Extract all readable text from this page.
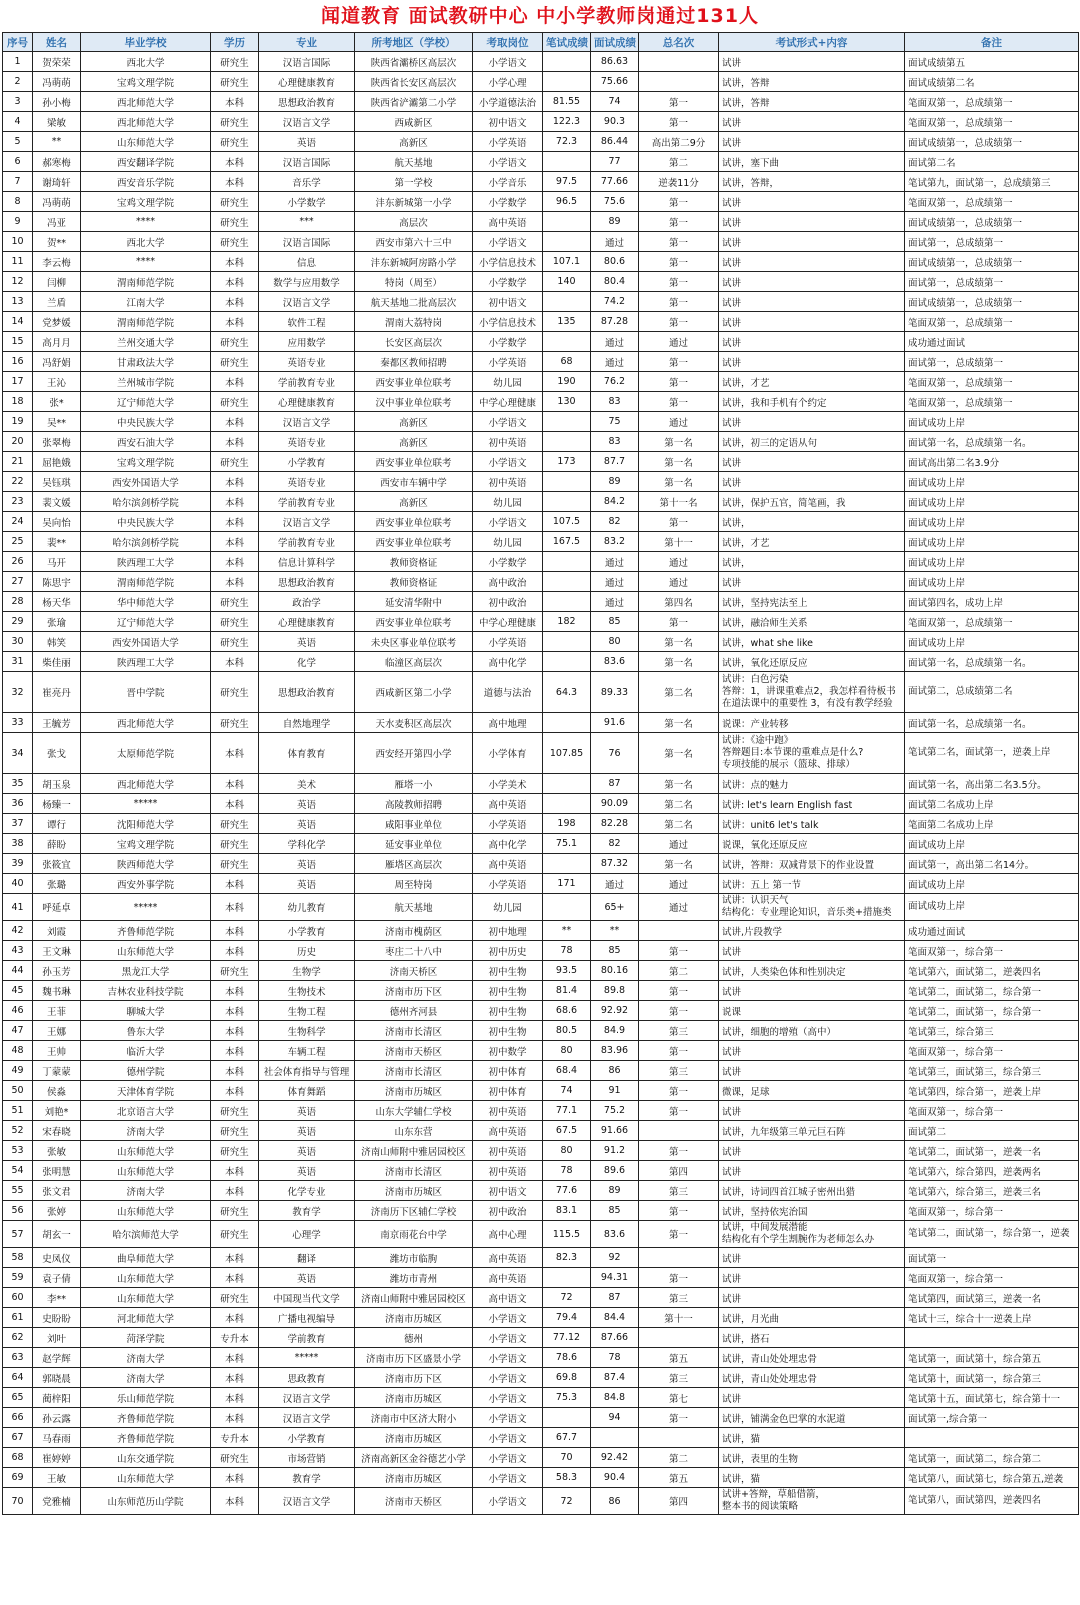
闻道教育 面试教研中心 中小学教师岗通过131人
序号	姓名	毕业学校	学历	专业	所考地区（学校）	考取岗位	笔试成绩	面试成绩	总名次	考试形式+内容	备注
1	贺荣荣	西北大学	研究生	汉语言国际	陕西省灞桥区高层次	小学语文		86.63		试讲	面试成绩第五
2	冯萌萌	宝鸡文理学院	研究生	心理健康教育	陕西省长安区高层次	小学心理		75.66		试讲，答辩	面试成绩第二名
3	孙小梅	西北师范大学	本科	思想政治教育	陕西省浐灞第二小学	小学道德法治	81.55	74	第一	试讲，答辩	笔面双第一，总成绩第一
4	梁敏	西北师范大学	研究生	汉语言文学	西咸新区	初中语文	122.3	90.3	第一	试讲	笔面双第一，总成绩第一
5	**	山东师范大学	研究生	英语	高新区	小学英语	72.3	86.44	高出第二9分	试讲	面试成绩第一，总成绩第一
6	郝寒梅	西安翻译学院	本科	汉语言国际	航天基地	小学语文		77	第二	试讲，塞下曲	面试第二名
7	谢琦轩	西安音乐学院	本科	音乐学	第一学校	小学音乐	97.5	77.66	逆袭11分	试讲，答辩，	笔试第九，面试第一，总成绩第三
8	冯萌萌	宝鸡文理学院	研究生	小学数学	沣东新城第一小学	小学数学	96.5	75.6	第一	试讲	笔面双第一，总成绩第一
9	冯亚	****	研究生	***	高层次	高中英语		89	第一	试讲	面试成绩第一，总成绩第一
10	贺**	西北大学	研究生	汉语言国际	西安市第六十三中	小学语文		通过	第一	试讲	面试第一，总成绩第一
11	李云梅	****	本科	信息	沣东新城阿房路小学	小学信息技术	107.1	80.6	第一	试讲	面试成绩第一，总成绩第一
12	闫柳	渭南师范学院	本科	数学与应用数学	特岗（周至）	小学数学	140	80.4	第一	试讲	面试第一，总成绩第一
13	兰盾	江南大学	本科	汉语言文学	航天基地二批高层次	初中语文		74.2	第一	试讲	面试成绩第一，总成绩第一
14	党梦媛	渭南师范学院	本科	软件工程	渭南大荔特岗	小学信息技术	135	87.28	第一	试讲	笔面双第一，总成绩第一
15	高月月	兰州交通大学	研究生	应用数学	长安区高层次	小学数学		通过	通过	试讲	成功通过面试
16	冯舒娟	甘肃政法大学	研究生	英语专业	秦都区教师招聘	小学英语	68	通过	第一	试讲	面试第一，总成绩第一
17	王沁	兰州城市学院	本科	学前教育专业	西安事业单位联考	幼儿园	190	76.2	第一	试讲，才艺	笔面双第一，总成绩第一
18	张*	辽宁师范大学	研究生	心理健康教育	汉中事业单位联考	中学心理健康	130	83	第一	试讲，我和手机有个约定	笔面双第一，总成绩第一
19	吴**	中央民族大学	本科	汉语言文学	高新区	小学语文		75	通过	试讲	面试成功上岸
20	张翠梅	西安石油大学	本科	英语专业	高新区	初中英语		83	第一名	试讲，初三的定语从句	面试第一名，总成绩第一名。
21	屈艳娥	宝鸡文理学院	研究生	小学教育	西安事业单位联考	小学语文	173	87.7	第一名	试讲	面试高出第二名3.9分
22	吴钰琪	西安外国语大学	本科	英语专业	西安市车辆中学	初中英语		89	第一名	试讲	面试成功上岸
23	裴文媛	哈尔滨剑桥学院	本科	学前教育专业	高新区	幼儿园		84.2	第十一名	试讲，保护五官，简笔画，我	面试成功上岸
24	吴向怡	中央民族大学	本科	汉语言文学	西安事业单位联考	小学语文	107.5	82	第一	试讲，	面试成功上岸
25	裴**	哈尔滨剑桥学院	本科	学前教育专业	西安事业单位联考	幼儿园	167.5	83.2	第十一	试讲，才艺	面试成功上岸
26	马开	陕西理工大学	本科	信息计算科学	教师资格证	小学数学		通过	通过	试讲，	面试成功上岸
27	陈思宇	渭南师范学院	本科	思想政治教育	教师资格证	高中政治		通过	通过	试讲	面试成功上岸
28	杨天华	华中师范大学	研究生	政治学	延安清华附中	初中政治		通过	第四名	试讲，坚持宪法至上	面试第四名，成功上岸
29	张瑜	辽宁师范大学	研究生	心理健康教育	西安事业单位联考	中学心理健康	182	85	第一	试讲，融洽师生关系	笔面双第一，总成绩第一
30	韩笑	西安外国语大学	研究生	英语	未央区事业单位联考	小学英语		80	第一名	试讲，what she like	面试成功上岸
31	柴佳丽	陕西理工大学	本科	化学	临潼区高层次	高中化学		83.6	第一名	试讲，氧化还原反应	面试第一名，总成绩第一名。
32	崔亮丹	晋中学院	研究生	思想政治教育	西咸新区第二小学	道德与法治	64.3	89.33	第二名	试讲：白色污染
答辩：1，讲课重难点2，我怎样看待板书
在道法课中的重要性 3，有没有教学经验	面试第二，总成绩第二名
33	王毓芳	西北师范大学	研究生	自然地理学	天水麦积区高层次	高中地理		91.6	第一名	说课：产业转移	面试第一名，总成绩第一名。
34	张戈	太原师范学院	本科	体育教育	西安经开第四小学	小学体育	107.85	76	第一名	试讲：《途中跑》
答辩题目:本节课的重难点是什么?
专项技能的展示（篮球、排球）	笔试第二名，面试第一，逆袭上岸
35	胡玉泉	西北师范大学	本科	美术	雁塔一小	小学美术		87	第一名	试讲：点的魅力	面试第一名，高出第二名3.5分。
36	杨臻一	*****	本科	英语	高陵教师招聘	高中英语		90.09	第二名	试讲: let's learn English fast	面试第二名成功上岸
37	谭行	沈阳师范大学	研究生	英语	咸阳事业单位	小学英语	198	82.28	第二名	试讲：unit6 let's talk	笔面第二名成功上岸
38	薛盼	宝鸡文理学院	研究生	学科化学	延安事业单位	高中化学	75.1	82	通过	说课，氧化还原反应	面试成功上岸
39	张筱宜	陕西师范大学	研究生	英语	雁塔区高层次	高中英语		87.32	第一名	试讲，答辩：双减背景下的作业设置	面试第一，高出第二名14分。
40	张璐	西安外事学院	本科	英语	周至特岗	小学英语	171	通过	通过	试讲：五上 第一节	面试成功上岸
41	呼延卓	*****	本科	幼儿教育	航天基地	幼儿园		65+	通过	试讲：认识天气
结构化：专业理论知识，音乐类+措施类	面试成功上岸
42	刘霞	齐鲁师范学院	本科	小学教育	济南市槐荫区	初中地理	**	**		试讲,片段教学	成功通过面试
43	王文琳	山东师范大学	本科	历史	枣庄二十八中	初中历史	78	85	第一	试讲	笔面双第一，综合第一
44	孙玉芳	黑龙江大学	研究生	生物学	济南天桥区	初中生物	93.5	80.16	第二	试讲，人类染色体和性别决定	笔试第六，面试第二，逆袭四名
45	魏书琳	吉林农业科技学院	本科	生物技术	济南市历下区	初中生物	81.4	89.8	第一	试讲	笔试第二，面试第二，综合第一
46	王菲	聊城大学	本科	生物工程	德州齐河县	初中生物	68.6	92.92	第一	说课	笔试第二，面试第一，综合第一
47	王娜	鲁东大学	本科	生物科学	济南市长清区	初中生物	80.5	84.9	第三	试讲，细胞的增殖（高中）	笔试第三，综合第三
48	王帅	临沂大学	本科	车辆工程	济南市天桥区	初中数学	80	83.96	第一	试讲	笔面双第一，综合第一
49	丁蒙蒙	德州学院	本科	社会体育指导与管理	济南市长清区	初中体育	68.4	86	第三	试讲	笔试第三，面试第三，综合第三
50	侯淼	天津体育学院	本科	体育舞蹈	济南市历城区	初中体育	74	91	第一	微课，足球	笔试第四，综合第一，逆袭上岸
51	刘艳*	北京语言大学	研究生	英语	山东大学辅仁学校	初中英语	77.1	75.2	第一	试讲	笔面双第一，综合第一
52	宋春晓	济南大学	研究生	英语	山东东营	高中英语	67.5	91.66		试讲，九年级第三单元巨石阵	面试第二
53	张敏	山东师范大学	研究生	英语	济南山师附中雅居园校区	初中英语	80	91.2	第一	试讲	笔试第二，面试第一，逆袭一名
54	张明慧	山东师范大学	本科	英语	济南市长清区	初中英语	78	89.6	第四	试讲	笔试第六，综合第四，逆袭两名
55	张文君	济南大学	本科	化学专业	济南市历城区	初中语文	77.6	89	第三	试讲，诗词四首江城子密州出猎	笔试第六，综合第三，逆袭三名
56	张婷	山东师范大学	研究生	教育学	济南历下区辅仁学校	初中政治	83.1	85	第一	试讲，坚持依宪治国	笔面双第一，综合第一
57	胡玄一	哈尔滨师范大学	研究生	心理学	南京雨花台中学	高中心理	115.5	83.6	第一	试讲，中间发展潜能
结构化有个学生割腕作为老师怎么办	笔试第二，面试第一，综合第一，逆袭
58	史凤仪	曲阜师范大学	本科	翻译	潍坊市临朐	高中英语	82.3	92		试讲	面试第一
59	袁子倩	山东师范大学	本科	英语	潍坊市青州	高中英语		94.31	第一	试讲	笔面双第一，综合第一
60	李**	山东师范大学	研究生	中国现当代文学	济南山师附中雅居园校区	高中语文	72	87	第三	试讲	笔试第四，面试第三，逆袭一名
61	史盼盼	河北师范大学	本科	广播电视编导	济南市历城区	小学语文	79.4	84.4	第十一	试讲，月光曲	笔试十三，综合十一逆袭上岸
62	刘叶	菏泽学院	专升本	学前教育	德州	小学语文	77.12	87.66		试讲，搭石	
63	赵学辉	济南大学	本科	*****	济南市历下区盛景小学	小学语文	78.6	78	第五	试讲，青山处处埋忠骨	笔试第一，面试第十，综合第五
64	郭晓晨	济南大学	本科	思政教育	济南市历下区	小学语文	69.8	87.4	第三	试讲，青山处处埋忠骨	笔试第十，面试第一，综合第三
65	蔺梓阳	乐山师范学院	本科	汉语言文学	济南市历城区	小学语文	75.3	84.8	第七	试讲	笔试第十五，面试第七，综合第十一
66	孙云露	齐鲁师范学院	本科	汉语言文学	济南市中区济大附小	小学语文		94	第一	试讲，铺满金色巴掌的水泥道	面试第一,综合第一
67	马春雨	齐鲁师范学院	专升本	小学教育	济南市历城区	小学语文	67.7			试讲，猫	
68	崔婷婷	山东交通学院	研究生	市场营销	济南高新区金谷德艺小学	小学语文	70	92.42	第二	试讲，表里的生物	笔试第一，面试第二，综合第二
69	王敏	山东师范大学	本科	教育学	济南市历城区	小学语文	58.3	90.4	第五	试讲，猫	笔试第八，面试第七，综合第五,逆袭
70	党雅楠	山东师范历山学院	本科	汉语言文学	济南市天桥区	小学语文	72	86	第四	试讲+答辩，草船借箭，
整本书的阅读策略	笔试第八，面试第四，逆袭四名
